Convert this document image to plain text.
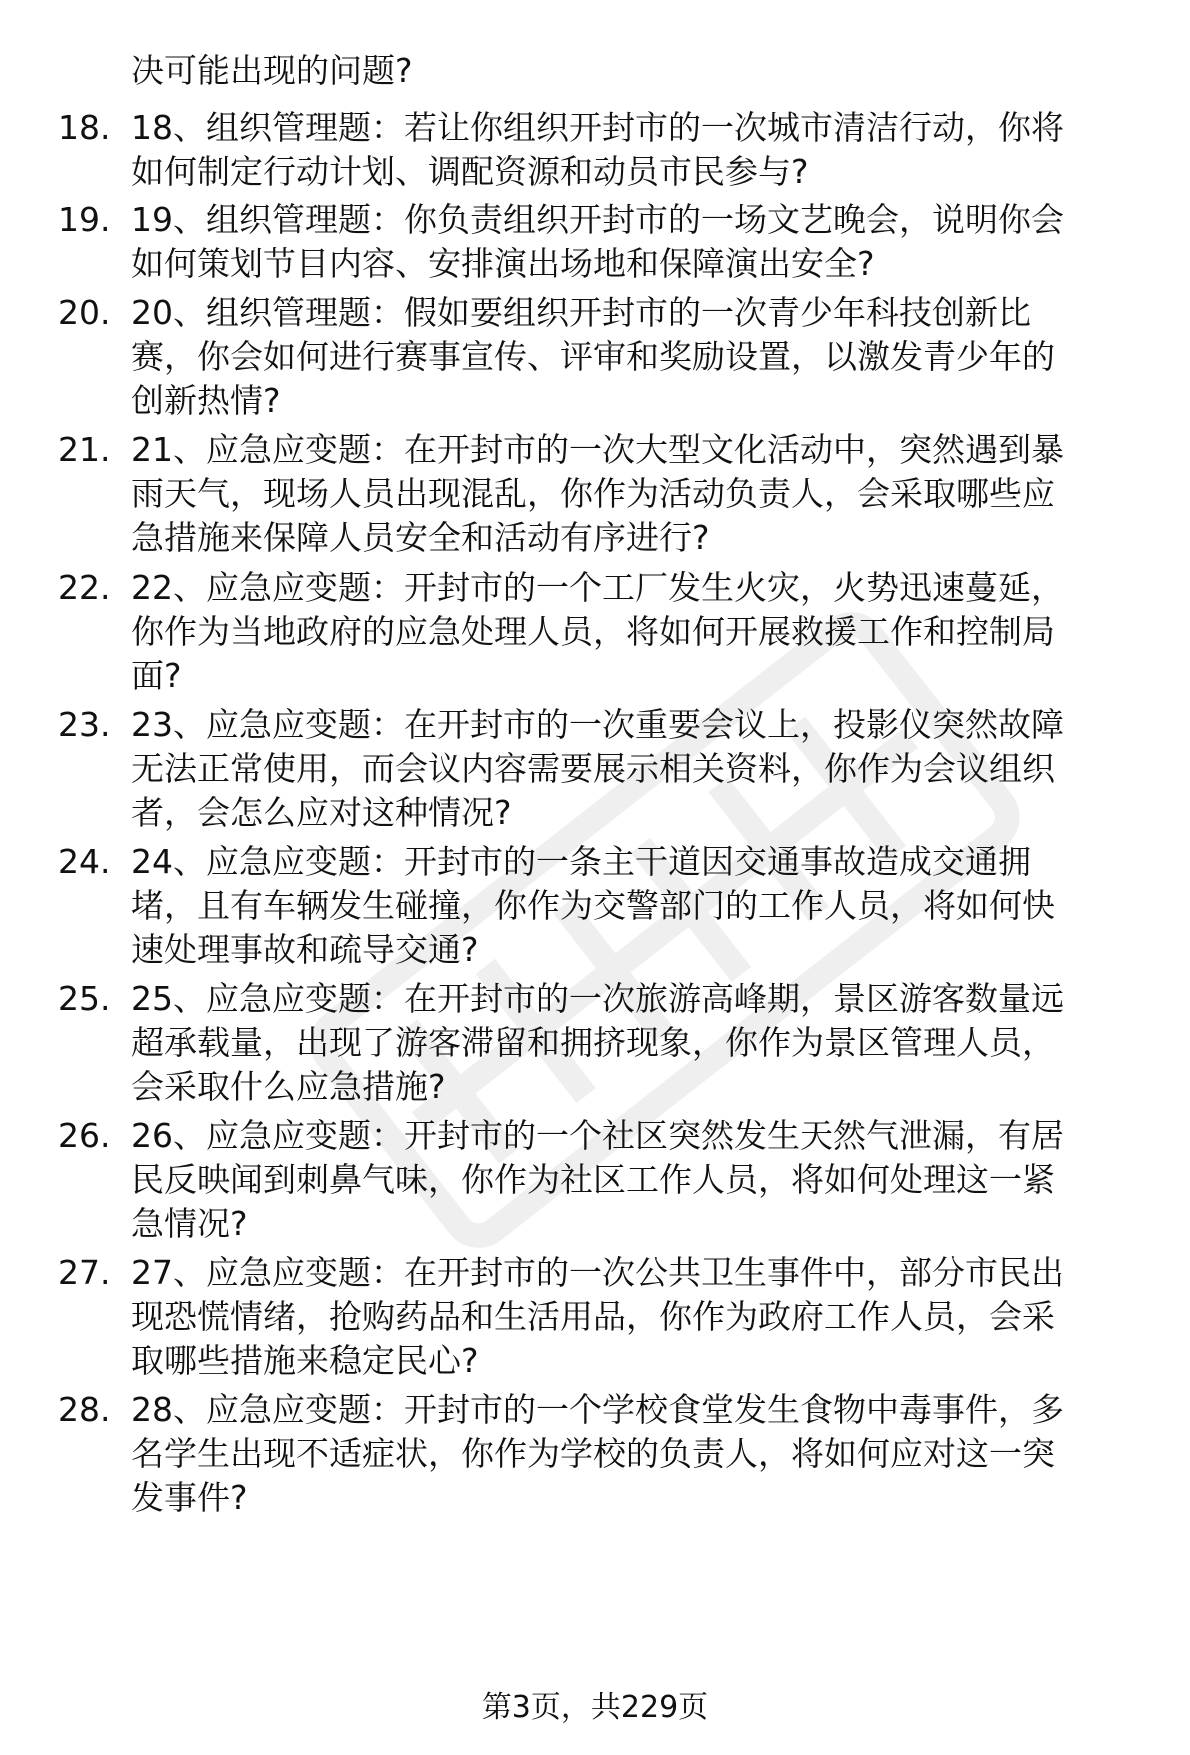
决可能出现的问题?
18. 18、组织管理题：若让你组织开封市的一次城市清洁行动，你将
如何制定行动计划、调配资源和动员市民参与?
19. 19、组织管理题：你负责组织开封市的一场文艺晚会，说明你会
如何策划节目内容、安排演出场地和保障演出安全?
20. 20、组织管理题：假如要组织开封市的一次青少年科技创新比
赛，你会如何进行赛事宣传、评审和奖励设置，以激发青少年的
创新热情?
21. 21、应急应变题：在开封市的一次大型文化活动中，突然遇到暴
雨天气，现场人员出现混乱，你作为活动负责人，会采取哪些应
急措施来保障人员安全和活动有序进行?
22. 22、应急应变题：开封市的一个工厂发生火灾，火势迅速蔓延，
你作为当地政府的应急处理人员，将如何开展救援工作和控制局
面?
23. 23、应急应变题：在开封市的一次重要会议上，投影仪突然故障
无法正常使用，而会议内容需要展示相关资料，你作为会议组织
者，会怎么应对这种情况?
24. 24、应急应变题：开封市的一条主干道因交通事故造成交通拥
堵，且有车辆发生碰撞，你作为交警部门的工作人员，将如何快
速处理事故和疏导交通?
25. 25、应急应变题：在开封市的一次旅游高峰期，景区游客数量远
超承载量，出现了游客滞留和拥挤现象，你作为景区管理人员，
会采取什么应急措施?
26. 26、应急应变题：开封市的一个社区突然发生天然气泄漏，有居
民反映闻到刺鼻气味，你作为社区工作人员，将如何处理这一紧
急情况?
27. 27、应急应变题：在开封市的一次公共卫生事件中，部分市民出
现恐慌情绪，抢购药品和生活用品，你作为政府工作人员，会采
取哪些措施来稳定民心?
28. 28、应急应变题：开封市的一个学校食堂发生食物中毒事件，多
名学生出现不适症状，你作为学校的负责人，将如何应对这一突
发事件?
第3页，共229页
